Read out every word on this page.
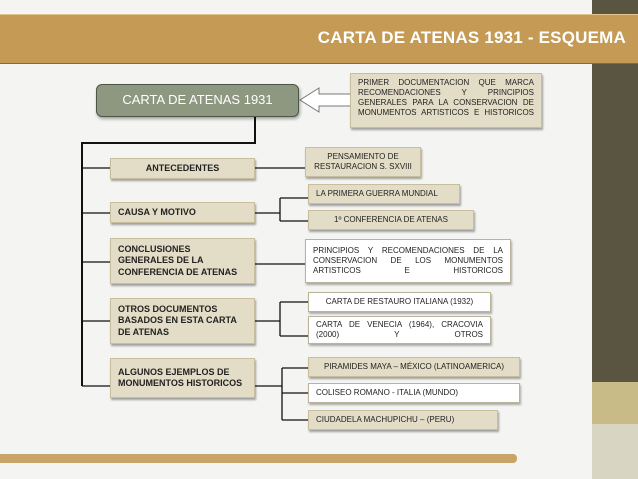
CARTA DE ATENAS 1931 - ESQUEMA
CARTA DE ATENAS 1931
PRIMER DOCUMENTACION QUE MARCA RECOMENDACIONES Y PRINCIPIOS GENERALES PARA LA CONSERVACION DE MONUMENTOS ARTISTICOS E HISTORICOS
ANTECEDENTES
CAUSA Y MOTIVO
CONCLUSIONES GENERALES DE LA CONFERENCIA DE ATENAS
OTROS DOCUMENTOS BASADOS EN ESTA CARTA DE ATENAS
ALGUNOS EJEMPLOS DE MONUMENTOS HISTORICOS
PENSAMIENTO DE RESTAURACION S. SXVIII
LA PRIMERA GUERRA MUNDIAL
1º CONFERENCIA DE ATENAS
PRINCIPIOS Y RECOMENDACIONES DE LA CONSERVACION DE LOS MONUMENTOS ARTISTICOS E HISTORICOS
CARTA DE RESTAURO ITALIANA (1932)
CARTA DE VENECIA (1964), CRACOVIA (2000) Y OTROS
PIRAMIDES MAYA – MÉXICO (LATINOAMERICA)
COLISEO ROMANO - ITALIA (MUNDO)
CIUDADELA MACHUPICHU – (PERU)
